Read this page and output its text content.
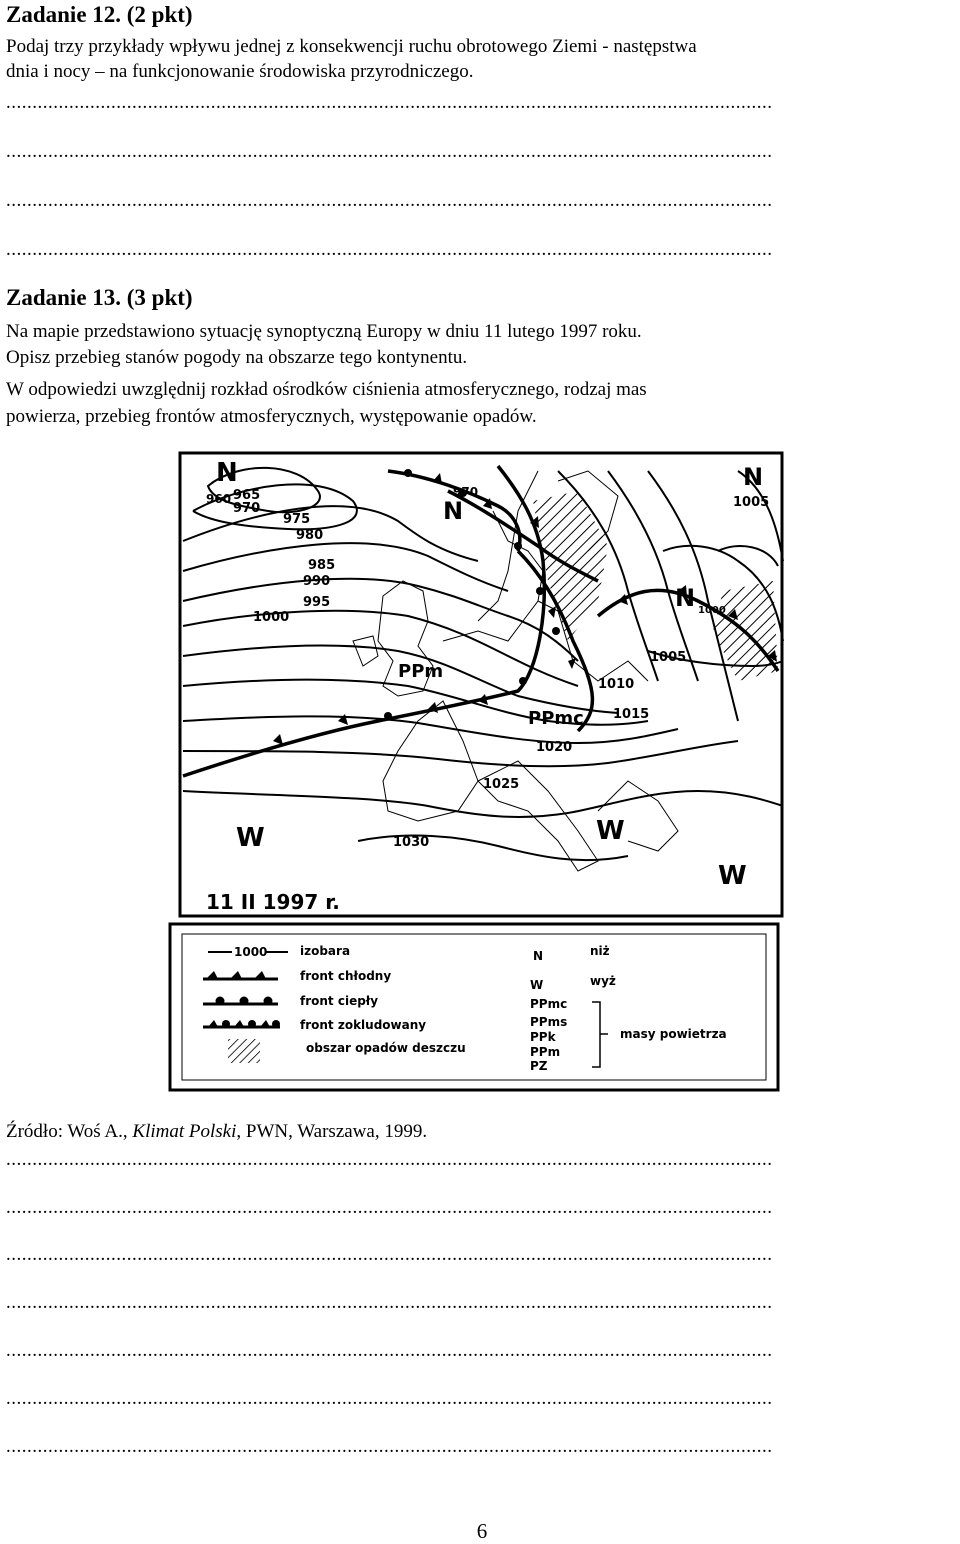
Zadanie 12. (2 pkt)
Podaj trzy przykłady wpływu jednej z konsekwencji ruchu obrotowego Ziemi - następstwa
dnia i nocy – na funkcjonowanie środowiska przyrodniczego.
..................................................................................................................................................
..................................................................................................................................................
..................................................................................................................................................
..................................................................................................................................................
Zadanie 13. (3 pkt)
Na mapie przedstawiono sytuację synoptyczną Europy w dniu 11 lutego 1997 roku.
Opisz przebieg stanów pogody na obszarze tego kontynentu.
W odpowiedzi uwzględnij rozkład ośrodków ciśnienia atmosferycznego, rodzaj mas
powierza, przebieg frontów atmosferycznych, występowanie opadów.
N
960 965
970
975
980
985
990
995
1000
970
N
N
1005
N 1000
1005
1010
1015
1020
1025
1030
PPm
PPmc
W	W
W
11 II 1997 r.
1000	izobara
front chłodny
front ciepły
front zokludowany
obszar opadów deszczu
N	niż
W	wyż
PPmc
PPms
PPk
PPm
PZ
masy powietrza
Źródło: Woś A., Klimat Polski, PWN, Warszawa, 1999.
..................................................................................................................................................
..................................................................................................................................................
..................................................................................................................................................
..................................................................................................................................................
..................................................................................................................................................
..................................................................................................................................................
..................................................................................................................................................
6
